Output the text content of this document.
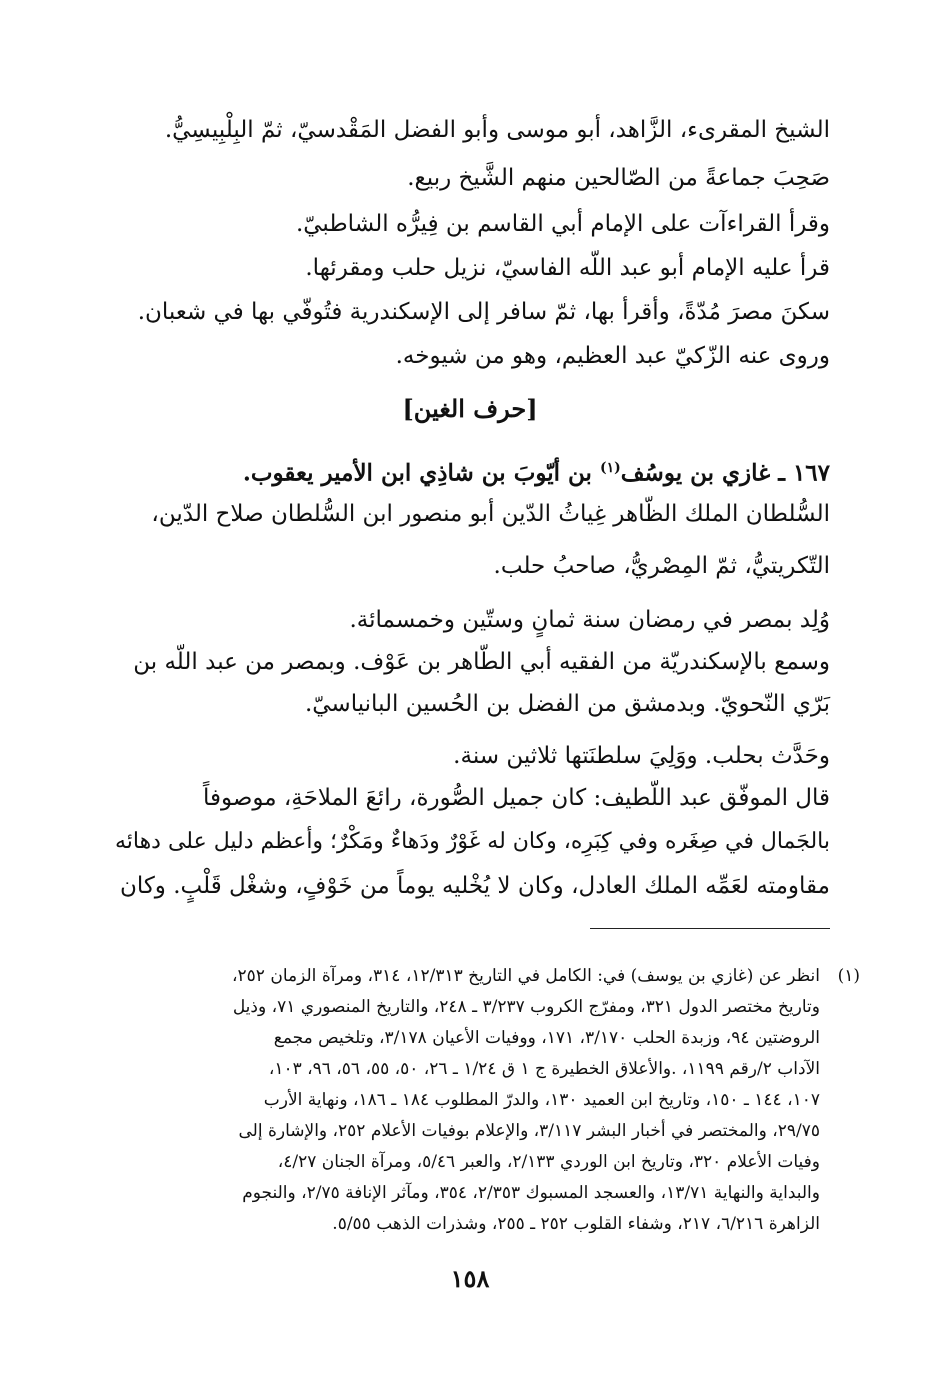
الشيخ المقرىء، الزَّاهد، أبو موسى وأبو الفضل المَقْدسيّ، ثمّ البِلْبِيسِيُّ.
صَحِبَ جماعةً من الصّالحين منهم الشَّيخ ربيع.
وقرأ القراءآت على الإمام أبي القاسم بن فِيرُّه الشاطبيّ.
قرأ عليه الإمام أبو عبد اللّه الفاسيّ، نزيل حلب ومقرئها.
سكنَ مصرَ مُدّةً، وأقرأ بها، ثمّ سافر إلى الإسكندرية فتُوفّي بها في شعبان.
وروى عنه الزّكيّ عبد العظيم، وهو من شيوخه.
[حرف الغين]
١٦٧ ـ غازي بن يوسُف$^{(١)}$ بن أيّوبَ بن شاذِي ابن الأمير يعقوب.
السُّلطان الملك الظّاهر غِياثُ الدّين أبو منصور ابن السُّلطان صلاح الدّين،
التّكريتيُّ، ثمّ المِصْريُّ، صاحبُ حلب.
وُلِد بمصر في رمضان سنة ثمانٍ وستّين وخمسمائة.
وسمع بالإسكندريّة من الفقيه أبي الطّاهر بن عَوْف. وبمصر من عبد اللّه بن
بَرّي النّحويّ. وبدمشق من الفضل بن الحُسين البانياسيّ.
وحَدَّث بحلب. ووَلِيَ سلطنَتها ثلاثين سنة.
قال الموفّق عبد اللّطيف: كان جميل الصُّورة، رائعَ الملاحَةِ، موصوفاً
بالجَمال في صِغَره وفي كِبَرِه، وكان له غَوْرٌ ودَهاءٌ ومَكْرٌ؛ وأعظم دليل على دهائه
مقاومته لعَمِّه الملك العادل، وكان لا يُخْليه يوماً من خَوْفٍ، وشغْل قَلْبٍ. وكان
(١)
انظر عن (غازي بن يوسف) في: الكامل في التاريخ ١٢/٣١٣، ٣١٤، ومرآة الزمان ٢٥٢،
وتاريخ مختصر الدول ٣٢١، ومفرّج الكروب ٣/٢٣٧ ـ ٢٤٨، والتاريخ المنصوري ٧١، وذيل
الروضتين ٩٤، وزبدة الحلب ٣/١٧٠، ١٧١، ووفيات الأعيان ٣/١٧٨، وتلخيص مجمع
الآداب ٢/رقم ١١٩٩، .والأعلاق الخطيرة ج ١ ق ١/٢٤ ـ ٢٦، ٥٠، ٥٥، ٥٦، ٩٦، ١٠٣،
١٠٧، ١٤٤ ـ ١٥٠، وتاريخ ابن العميد ١٣٠، والدرّ المطلوب ١٨٤ ـ ١٨٦، ونهاية الأرب
٢٩/٧٥، والمختصر في أخبار البشر ٣/١١٧، والإعلام بوفيات الأعلام ٢٥٢، والإشارة إلى
وفيات الأعلام ٣٢٠، وتاريخ ابن الوردي ٢/١٣٣، والعبر ٥/٤٦، ومرآة الجنان ٤/٢٧،
والبداية والنهاية ١٣/٧١، والعسجد المسبوك ٢/٣٥٣، ٣٥٤، ومآثر الإنافة ٢/٧٥، والنجوم
الزاهرة ٦/٢١٦، ٢١٧، وشفاء القلوب ٢٥٢ ـ ٢٥٥، وشذرات الذهب ٥/٥٥.
١٥٨
